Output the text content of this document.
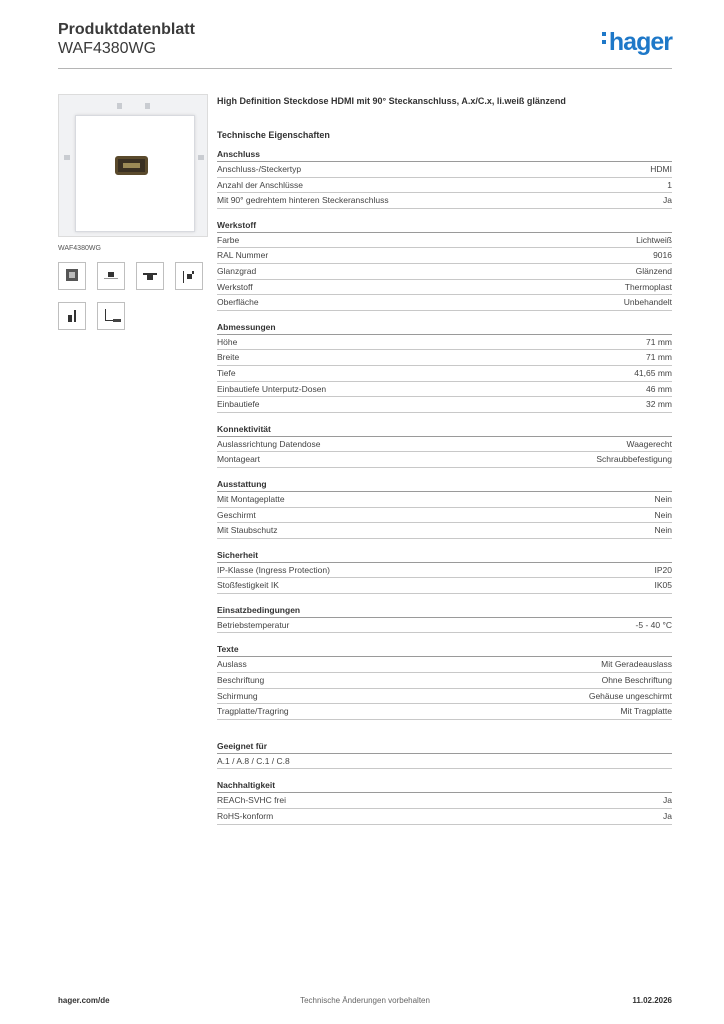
Produktdatenblatt
WAF4380WG	hager
WAF4380WG
High Definition Steckdose HDMI mit 90° Steckanschluss, A.x/C.x, li.weiß glänzend
Technische Eigenschaften
Anschluss
Anschluss-/Steckertyp	HDMI
Anzahl der Anschlüsse	1
Mit 90° gedrehtem hinteren Steckeranschluss	Ja
Werkstoff
Farbe	Lichtweiß
RAL Nummer	9016
Glanzgrad	Glänzend
Werkstoff	Thermoplast
Oberfläche	Unbehandelt
Abmessungen
Höhe	71 mm
Breite	71 mm
Tiefe	41,65 mm
Einbautiefe Unterputz-Dosen	46 mm
Einbautiefe	32 mm
Konnektivität
Auslassrichtung Datendose	Waagerecht
Montageart	Schraubbefestigung
Ausstattung
Mit Montageplatte	Nein
Geschirmt	Nein
Mit Staubschutz	Nein
Sicherheit
IP-Klasse (Ingress Protection)	IP20
Stoßfestigkeit IK	IK05
Einsatzbedingungen
Betriebstemperatur	-5 - 40 °C
Texte
Auslass	Mit Geradeauslass
Beschriftung	Ohne Beschriftung
Schirmung	Gehäuse ungeschirmt
Tragplatte/Tragring	Mit Tragplatte
Geeignet für
A.1 / A.8 / C.1 / C.8
Nachhaltigkeit
REACh-SVHC frei	Ja
RoHS-konform	Ja
hager.com/de	Technische Änderungen vorbehalten	11.02.2026
